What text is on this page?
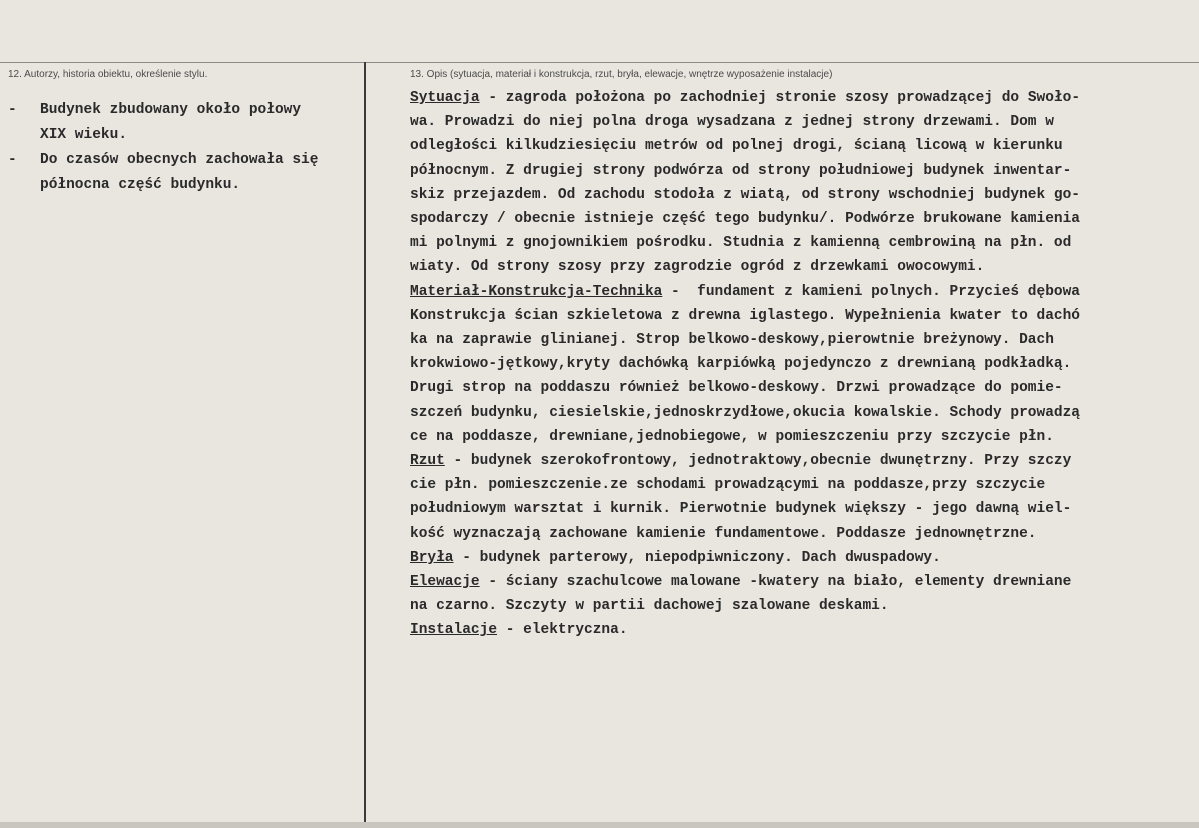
12. Autorzy, historia obiektu, określenie stylu.	13. Opis (sytuacja, materiał i konstrukcja, rzut, bryła, elewacje, wnętrze wyposażenie instalacje)
- Budynek zbudowany około połowy
XIX wieku.
- Do czasów obecnych zachowała się
północna część budynku.
Sytuacja - zagroda położona po zachodniej stronie szosy prowadzącej do Swoło-
wa. Prowadzi do niej polna droga wysadzana z jednej strony drzewami. Dom w
odległości kilkudziesięciu metrów od polnej drogi, ścianą licową w kierunku
północnym. Z drugiej strony podwórza od strony południowej budynek inwentar-
skiz przejazdem. Od zachodu stodoła z wiatą, od strony wschodniej budynek go-
spodarczy / obecnie istnieje część tego budynku/. Podwórze brukowane kamienia
mi polnymi z gnojownikiem pośrodku. Studnia z kamienną cembrowiną na płn. od
wiaty. Od strony szosy przy zagrodzie ogród z drzewkami owocowymi.
Materiał-Konstrukcja-Technika -  fundament z kamieni polnych. Przycieś dębowa
Konstrukcja ścian szkieletowa z drewna iglastego. Wypełnienia kwater to dachó
ka na zaprawie glinianej. Strop belkowo-deskowy,pierowtnie breżynowy. Dach
krokwiowo-jętkowy,kryty dachówką karpiówką pojedynczo z drewnianą podkładką.
Drugi strop na poddaszu również belkowo-deskowy. Drzwi prowadzące do pomie-
szczeń budynku, ciesielskie,jednoskrzydłowe,okucia kowalskie. Schody prowadzą
ce na poddasze, drewniane,jednobiegowe, w pomieszczeniu przy szczycie płn.
Rzut - budynek szerokofrontowy, jednotraktowy,obecnie dwunętrzny. Przy szczy
cie płn. pomieszczenie.ze schodami prowadzącymi na poddasze,przy szczycie
południowym warsztat i kurnik. Pierwotnie budynek większy - jego dawną wiel-
kość wyznaczają zachowane kamienie fundamentowe. Poddasze jednownętrzne.
Bryła - budynek parterowy, niepodpiwniczony. Dach dwuspadowy.
Elewacje - ściany szachulcowe malowane -kwatery na biało, elementy drewniane
na czarno. Szczyty w partii dachowej szalowane deskami.
Instalacje - elektryczna.
